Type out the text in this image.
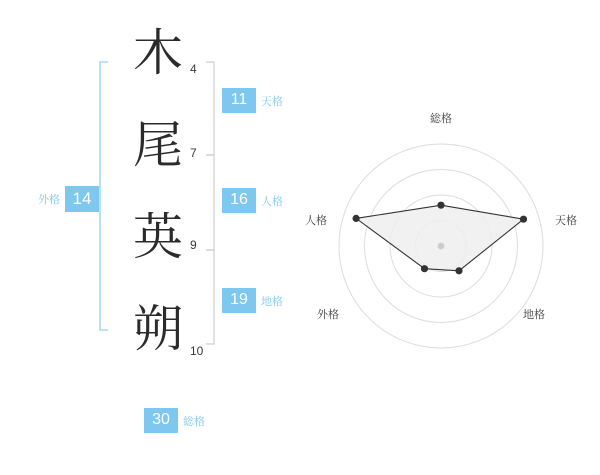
木
尾
英
朔
4
7
9
10
11	天格
16	人格
19	地格
14
外格
30	総格
総格
天格
地格
外格
人格
